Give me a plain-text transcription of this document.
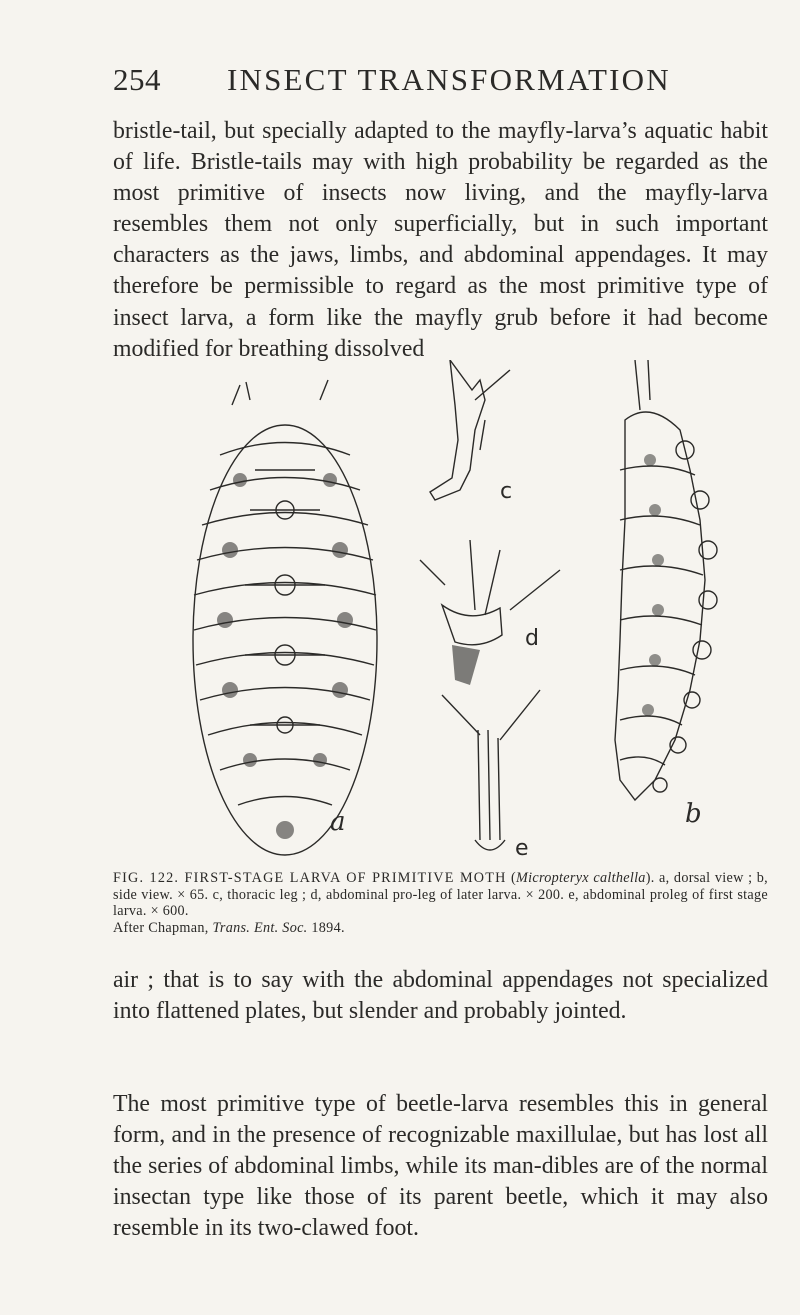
254 INSECT TRANSFORMATION

bristle-tail, but specially adapted to the mayfly-larva’s aquatic habit of life. Bristle-tails may with high probability be regarded as the most primitive of insects now living, and the mayfly-larva resembles them not only superficially, but in such important characters as the jaws, limbs, and abdominal appendages. It may therefore be permissible to regard as the most primitive type of insect larva, a form like the mayfly grub before it had become modified for breathing dissolved

a
c
d
e
b

FIG. 122. FIRST-STAGE LARVA OF PRIMITIVE MOTH (Micropteryx calthella). a, dorsal view ; b, side view. × 65. c, thoracic leg ; d, abdominal pro-leg of later larva. × 200. e, abdominal proleg of first stage larva. × 600.
After Chapman, Trans. Ent. Soc. 1894.

air ; that is to say with the abdominal appendages not specialized into flattened plates, but slender and probably jointed.

The most primitive type of beetle-larva resembles this in general form, and in the presence of recognizable maxillulae, but has lost all the series of abdominal limbs, while its man-dibles are of the normal insectan type like those of its parent beetle, which it may also resemble in its two-clawed foot.
